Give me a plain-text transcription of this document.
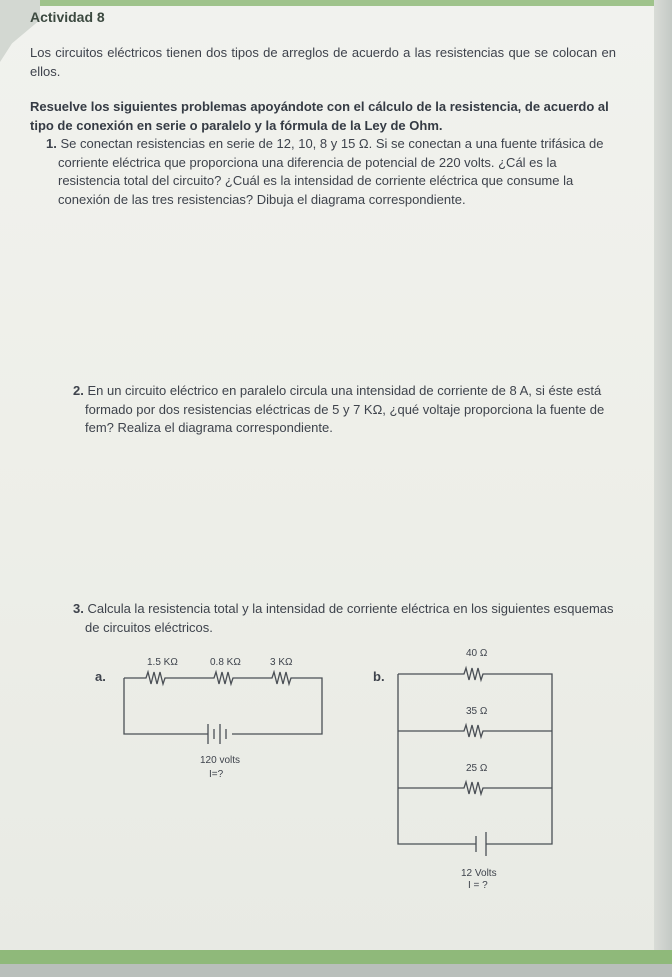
Actividad 8
Los circuitos eléctricos tienen dos tipos de arreglos de acuerdo a las resistencias que se colocan en ellos.
Resuelve los siguientes problemas apoyándote con el cálculo de la resistencia, de acuerdo al tipo de conexión en serie o paralelo y la fórmula de la Ley de Ohm.
1. Se conectan resistencias en serie de 12, 10, 8 y 15 Ω. Si se conectan a una fuente trifásica de corriente eléctrica que proporciona una diferencia de potencial de 220 volts. ¿Cál es la resistencia total del circuito? ¿Cuál es la intensidad de corriente eléctrica que consume la conexión de las tres resistencias? Dibuja el diagrama correspondiente.
2. En un circuito eléctrico en paralelo circula una intensidad de corriente de 8 A, si éste está formado por dos resistencias eléctricas de 5 y 7 KΩ, ¿qué voltaje proporciona la fuente de fem? Realiza el diagrama correspondiente.
3. Calcula la resistencia total y la intensidad de corriente eléctrica en los siguientes esquemas de circuitos eléctricos.
a.
1.5 KΩ	0.8 KΩ	3 KΩ
120 volts
I=?
b.
40 Ω
35 Ω
25 Ω
12 Volts
I = ?
